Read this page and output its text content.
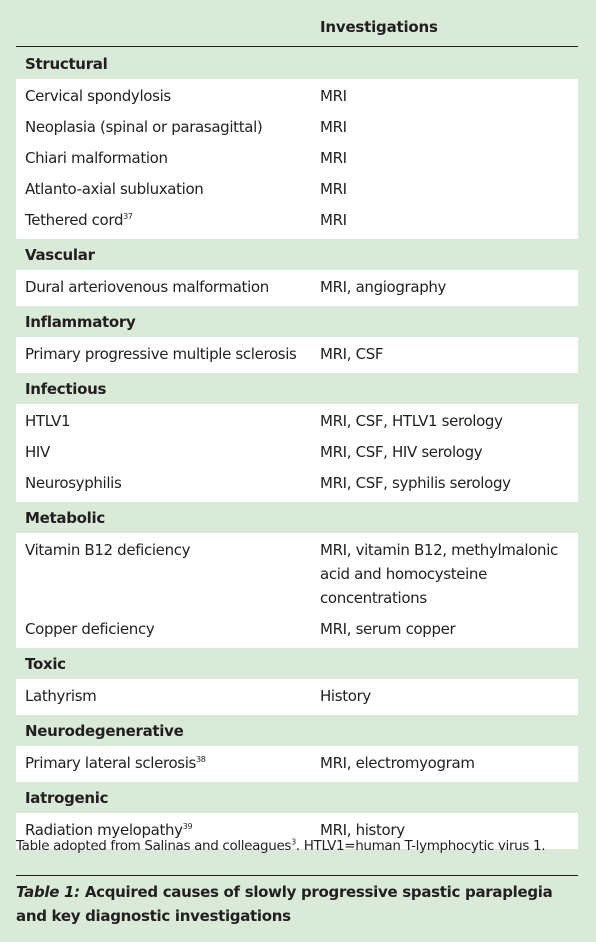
Investigations
Structural
Cervical spondylosis	MRI
Neoplasia (spinal or parasagittal)	MRI
Chiari malformation	MRI
Atlanto-axial subluxation	MRI
Tethered cord$^{37}$	MRI
Vascular
Dural arteriovenous malformation	MRI, angiography
Inflammatory
Primary progressive multiple sclerosis	MRI, CSF
Infectious
HTLV1	MRI, CSF, HTLV1 serology
HIV	MRI, CSF, HIV serology
Neurosyphilis	MRI, CSF, syphilis serology
Metabolic
Vitamin B12 deficiency	MRI, vitamin B12, methylmalonic acid and homocysteine concentrations
Copper deficiency	MRI, serum copper
Toxic
Lathyrism	History
Neurodegenerative
Primary lateral sclerosis$^{38}$	MRI, electromyogram
Iatrogenic
Radiation myelopathy$^{39}$	MRI, history
Table adopted from Salinas and colleagues$^3$. HTLV1=human T-lymphocytic virus 1.
Table 1: Acquired causes of slowly progressive spastic paraplegia and key diagnostic investigations
